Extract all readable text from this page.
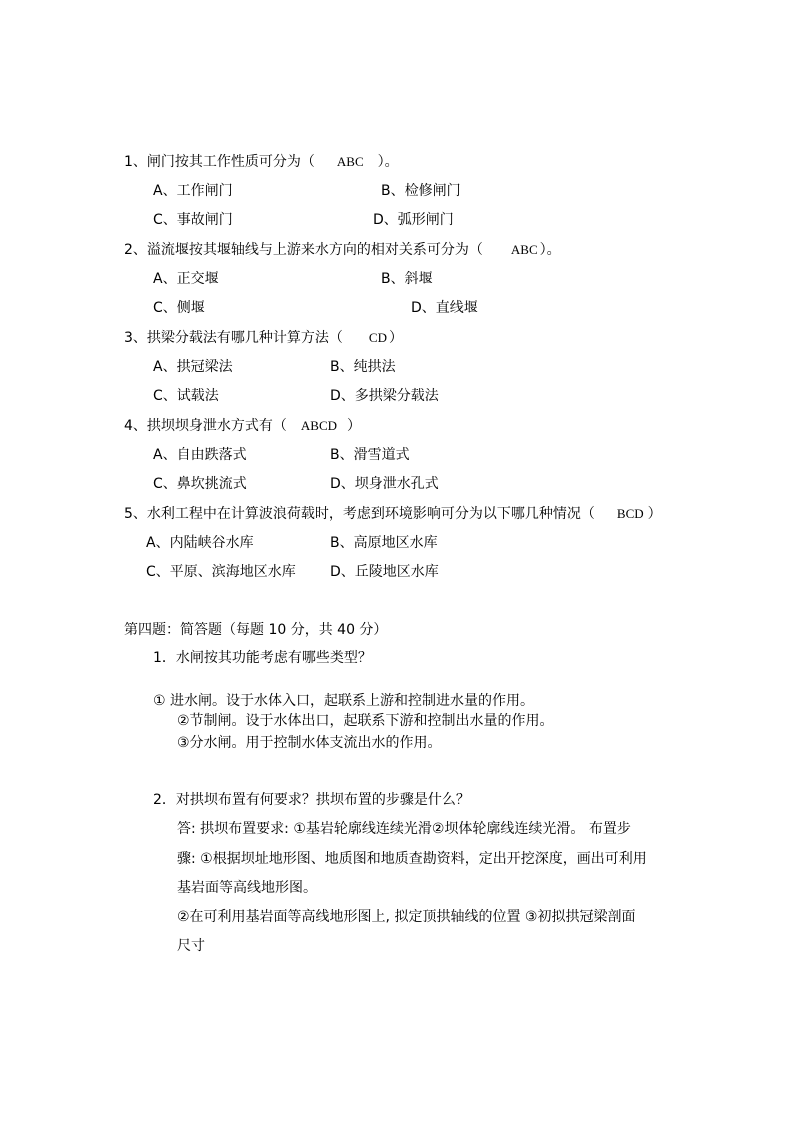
1、闸门按其工作性质可分为（ ABC ）。
A、工作闸门	B、检修闸门
C、事故闸门	D、弧形闸门
2、溢流堰按其堰轴线与上游来水方向的相对关系可分为（ ABC ）。
A、正交堰	B、斜堰
C、侧堰	D、直线堰
3、拱梁分载法有哪几种计算方法（ CD ）
A、拱冠梁法	B、纯拱法
C、试载法	D、多拱梁分载法
4、拱坝坝身泄水方式有（ ABCD ）
A、自由跌落式	B、滑雪道式
C、鼻坎挑流式	D、坝身泄水孔式
5、水利工程中在计算波浪荷载时，考虑到环境影响可分为以下哪几种情况（ BCD ）
A、内陆峡谷水库	B、高原地区水库
C、平原、滨海地区水库 D、丘陵地区水库
第四题：简答题（每题 10 分，共 40 分）
1．水闸按其功能考虑有哪些类型？
① 进水闸。设于水体入口，起联系上游和控制进水量的作用。
②节制闸。设于水体出口，起联系下游和控制出水量的作用。
③分水闸。用于控制水体支流出水的作用。
2．对拱坝布置有何要求？拱坝布置的步骤是什么？
答: 拱坝布置要求: ①基岩轮廓线连续光滑②坝体轮廓线连续光滑。 布置步
骤: ①根据坝址地形图、地质图和地质查勘资料，定出开挖深度，画出可利用
基岩面等高线地形图。
②在可利用基岩面等高线地形图上, 拟定顶拱轴线的位置 ③初拟拱冠梁剖面
尺寸
